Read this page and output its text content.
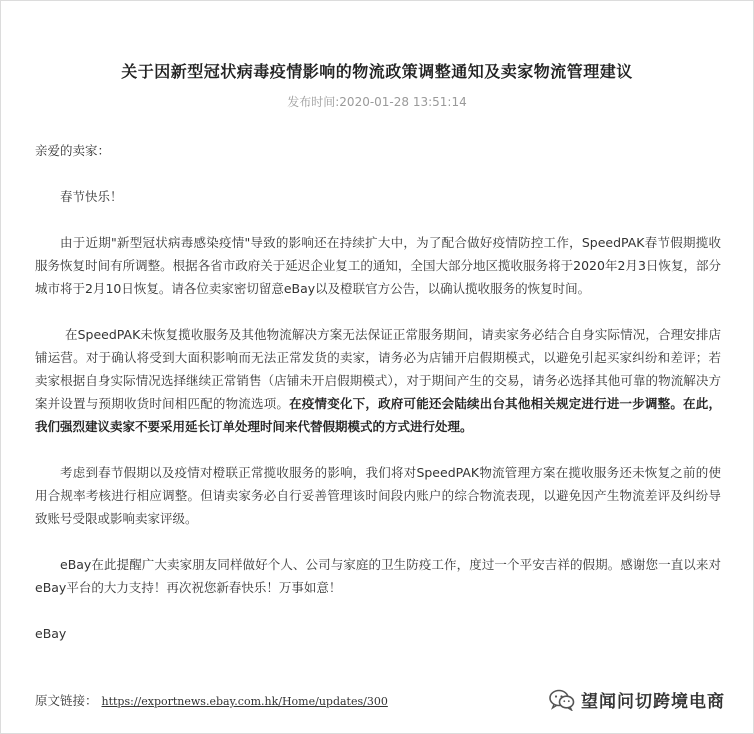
关于因新型冠状病毒疫情影响的物流政策调整通知及卖家物流管理建议
发布时间:2020-01-28 13:51:14

亲爱的卖家：

春节快乐！

由于近期"新型冠状病毒感染疫情"导致的影响还在持续扩大中，为了配合做好疫情防控工作，SpeedPAK春节假期揽收服务恢复时间有所调整。根据各省市政府关于延迟企业复工的通知，全国大部分地区揽收服务将于2020年2月3日恢复，部分城市将于2月10日恢复。请各位卖家密切留意eBay以及橙联官方公告，以确认揽收服务的恢复时间。

在SpeedPAK未恢复揽收服务及其他物流解决方案无法保证正常服务期间，请卖家务必结合自身实际情况，合理安排店铺运营。对于确认将受到大面积影响而无法正常发货的卖家，请务必为店铺开启假期模式，以避免引起买家纠纷和差评；若卖家根据自身实际情况选择继续正常销售（店铺未开启假期模式），对于期间产生的交易，请务必选择其他可靠的物流解决方案并设置与预期收货时间相匹配的物流选项。在疫情变化下，政府可能还会陆续出台其他相关规定进行进一步调整。在此，我们强烈建议卖家不要采用延长订单处理时间来代替假期模式的方式进行处理。

考虑到春节假期以及疫情对橙联正常揽收服务的影响，我们将对SpeedPAK物流管理方案在揽收服务还未恢复之前的使用合规率考核进行相应调整。但请卖家务必自行妥善管理该时间段内账户的综合物流表现，以避免因产生物流差评及纠纷导致账号受限或影响卖家评级。

eBay在此提醒广大卖家朋友同样做好个人、公司与家庭的卫生防疫工作，度过一个平安吉祥的假期。感谢您一直以来对eBay平台的大力支持！再次祝您新春快乐！万事如意！

eBay

原文链接： https://exportnews.ebay.com.hk/Home/updates/300	望闻问切跨境电商
